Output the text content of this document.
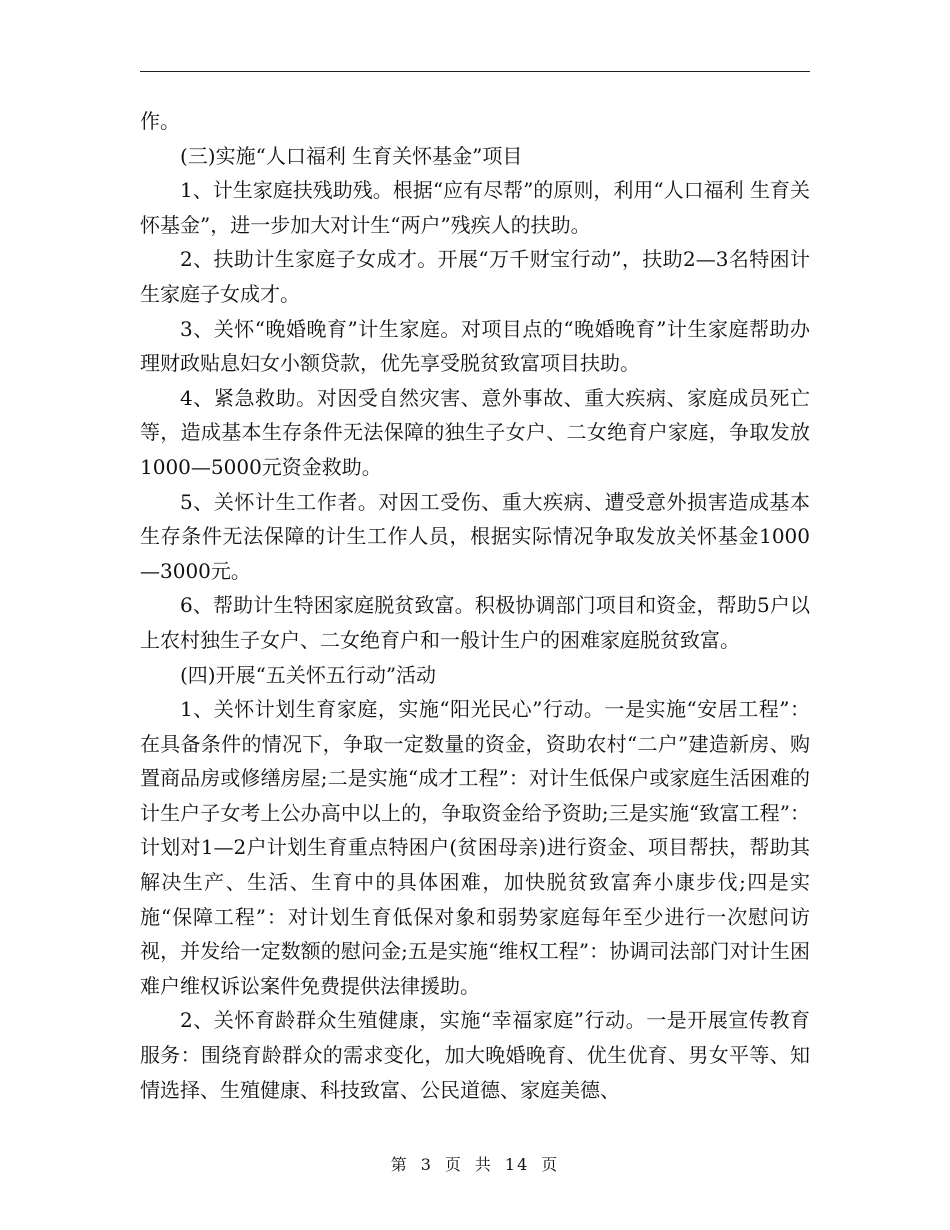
作。

(三)实施“人口福利 生育关怀基金”项目

1、计生家庭扶残助残。根据“应有尽帮”的原则，利用“人口福利 生育关怀基金”，进一步加大对计生“两户”残疾人的扶助。

2、扶助计生家庭子女成才。开展“万千财宝行动”，扶助2—3名特困计生家庭子女成才。

3、关怀“晚婚晚育”计生家庭。对项目点的“晚婚晚育”计生家庭帮助办理财政贴息妇女小额贷款，优先享受脱贫致富项目扶助。

4、紧急救助。对因受自然灾害、意外事故、重大疾病、家庭成员死亡等，造成基本生存条件无法保障的独生子女户、二女绝育户家庭，争取发放1000—5000元资金救助。

5、关怀计生工作者。对因工受伤、重大疾病、遭受意外损害造成基本生存条件无法保障的计生工作人员，根据实际情况争取发放关怀基金1000—3000元。

6、帮助计生特困家庭脱贫致富。积极协调部门项目和资金，帮助5户以上农村独生子女户、二女绝育户和一般计生户的困难家庭脱贫致富。

(四)开展“五关怀五行动”活动

1、关怀计划生育家庭，实施“阳光民心”行动。一是实施“安居工程”：在具备条件的情况下，争取一定数量的资金，资助农村“二户”建造新房、购置商品房或修缮房屋;二是实施“成才工程”：对计生低保户或家庭生活困难的计生户子女考上公办高中以上的，争取资金给予资助;三是实施“致富工程”：计划对1—2户计划生育重点特困户(贫困母亲)进行资金、项目帮扶，帮助其解决生产、生活、生育中的具体困难，加快脱贫致富奔小康步伐;四是实施“保障工程”：对计划生育低保对象和弱势家庭每年至少进行一次慰问访视，并发给一定数额的慰问金;五是实施“维权工程”：协调司法部门对计生困难户维权诉讼案件免费提供法律援助。

2、关怀育龄群众生殖健康，实施“幸福家庭”行动。一是开展宣传教育服务：围绕育龄群众的需求变化，加大晚婚晚育、优生优育、男女平等、知情选择、生殖健康、科技致富、公民道德、家庭美德、

第 3 页 共 14 页
